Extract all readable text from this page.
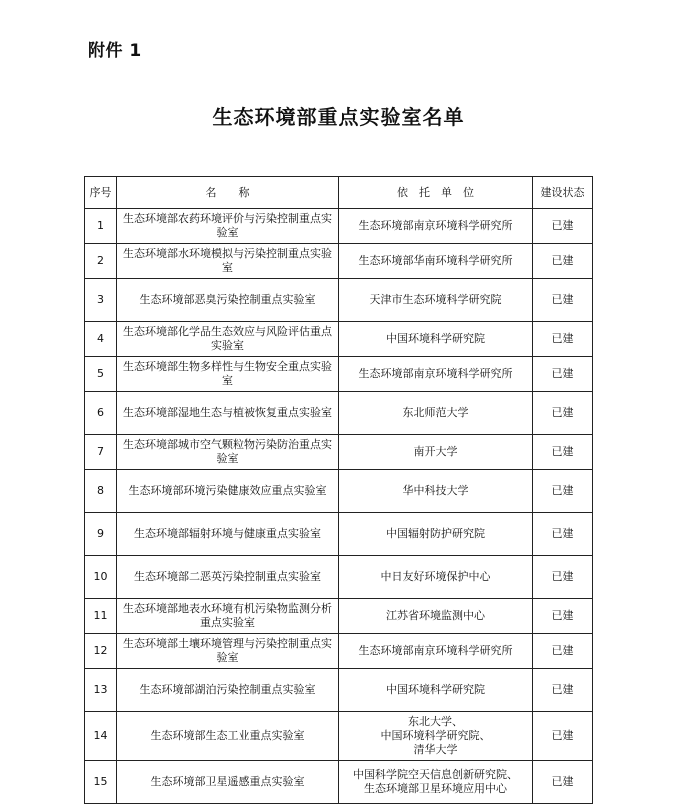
附件 1
生态环境部重点实验室名单
序号	名　　称	依　托　单　位	建设状态
1	生态环境部农药环境评价与污染控制重点实验室	生态环境部南京环境科学研究所	已建
2	生态环境部水环境模拟与污染控制重点实验室	生态环境部华南环境科学研究所	已建
3	生态环境部恶臭污染控制重点实验室	天津市生态环境科学研究院	已建
4	生态环境部化学品生态效应与风险评估重点实验室	中国环境科学研究院	已建
5	生态环境部生物多样性与生物安全重点实验室	生态环境部南京环境科学研究所	已建
6	生态环境部湿地生态与植被恢复重点实验室	东北师范大学	已建
7	生态环境部城市空气颗粒物污染防治重点实验室	南开大学	已建
8	生态环境部环境污染健康效应重点实验室	华中科技大学	已建
9	生态环境部辐射环境与健康重点实验室	中国辐射防护研究院	已建
10	生态环境部二恶英污染控制重点实验室	中日友好环境保护中心	已建
11	生态环境部地表水环境有机污染物监测分析重点实验室	江苏省环境监测中心	已建
12	生态环境部土壤环境管理与污染控制重点实验室	生态环境部南京环境科学研究所	已建
13	生态环境部湖泊污染控制重点实验室	中国环境科学研究院	已建
14	生态环境部生态工业重点实验室	东北大学、
中国环境科学研究院、
清华大学	已建
15	生态环境部卫星遥感重点实验室	中国科学院空天信息创新研究院、
生态环境部卫星环境应用中心	已建
